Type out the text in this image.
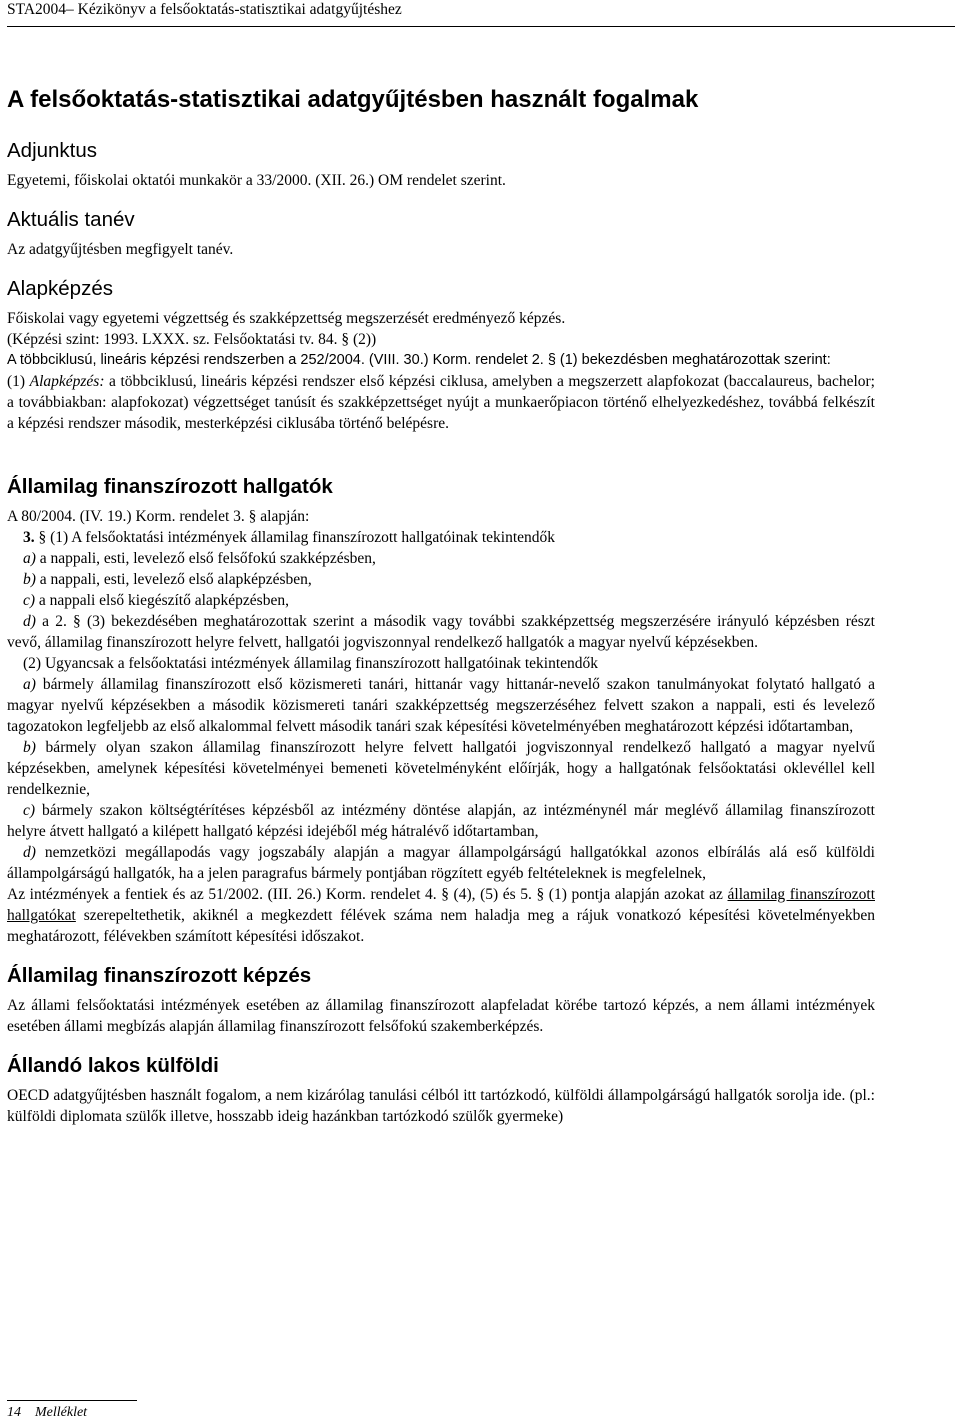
STA2004– Kézikönyv a felsőoktatás-statisztikai adatgyűjtéshez
A felsőoktatás-statisztikai adatgyűjtésben használt fogalmak
Adjunktus

Egyetemi, főiskolai oktatói munkakör a 33/2000. (XII. 26.) OM rendelet szerint.

Aktuális tanév

Az adatgyűjtésben megfigyelt tanév.

Alapképzés

Főiskolai vagy egyetemi végzettség és szakképzettség megszerzését eredményező képzés.

(Képzési szint: 1993. LXXX. sz. Felsőoktatási tv. 84. § (2))

A többciklusú, lineáris képzési rendszerben a 252/2004. (VIII. 30.) Korm. rendelet 2. § (1) bekezdésben meghatározottak szerint:

(1) Alapképzés: a többciklusú, lineáris képzési rendszer első képzési ciklusa, amelyben a megszerzett alapfokozat (baccalaureus, bachelor; a továbbiakban: alapfokozat) végzettséget tanúsít és szakképzettséget nyújt a munkaerőpiacon történő elhelyezkedéshez, továbbá felkészít a képzési rendszer második, mesterképzési ciklusába történő belépésre.

Államilag finanszírozott hallgatók

A 80/2004. (IV. 19.) Korm. rendelet 3. § alapján:

3. § (1) A felsőoktatási intézmények államilag finanszírozott hallgatóinak tekintendők

a) a nappali, esti, levelező első felsőfokú szakképzésben,

b) a nappali, esti, levelező első alapképzésben,

c) a nappali első kiegészítő alapképzésben,

d) a 2. § (3) bekezdésében meghatározottak szerint a második vagy további szakképzettség megszerzésére irányuló képzésben részt vevő, államilag finanszírozott helyre felvett, hallgatói jogviszonnyal rendelkező hallgatók a magyar nyelvű képzésekben.

(2) Ugyancsak a felsőoktatási intézmények államilag finanszírozott hallgatóinak tekintendők

a) bármely államilag finanszírozott első közismereti tanári, hittanár vagy hittanár-nevelő szakon tanulmányokat folytató hallgató a magyar nyelvű képzésekben a második közismereti tanári szakképzettség megszerzéséhez felvett szakon a nappali, esti és levelező tagozatokon legfeljebb az első alkalommal felvett második tanári szak képesítési követelményében meghatározott képzési időtartamban,

b) bármely olyan szakon államilag finanszírozott helyre felvett hallgatói jogviszonnyal rendelkező hallgató a magyar nyelvű képzésekben, amelynek képesítési követelményei bemeneti követelményként előírják, hogy a hallgatónak felsőoktatási oklevéllel kell rendelkeznie,

c) bármely szakon költségtérítéses képzésből az intézmény döntése alapján, az intézménynél már meglévő államilag finanszírozott helyre átvett hallgató a kilépett hallgató képzési idejéből még hátralévő időtartamban,

d) nemzetközi megállapodás vagy jogszabály alapján a magyar állampolgárságú hallgatókkal azonos elbírálás alá eső külföldi állampolgárságú hallgatók, ha a jelen paragrafus bármely pontjában rögzített egyéb feltételeknek is megfelelnek,

Az intézmények a fentiek és az 51/2002. (III. 26.) Korm. rendelet 4. § (4), (5) és 5. § (1) pontja alapján azokat az államilag finanszírozott hallgatókat szerepeltethetik, akiknél a megkezdett félévek száma nem haladja meg a rájuk vonatkozó képesítési követelményekben meghatározott, félévekben számított képesítési időszakot.

Államilag finanszírozott képzés

Az állami felsőoktatási intézmények esetében az államilag finanszírozott alapfeladat körébe tartozó képzés, a nem állami intézmények esetében állami megbízás alapján államilag finanszírozott felsőfokú szakemberképzés.

Állandó lakos külföldi

OECD adatgyűjtésben használt fogalom, a nem kizárólag tanulási célból itt tartózkodó, külföldi állampolgárságú hallgatók sorolja ide. (pl.: külföldi diplomata szülők illetve, hosszabb ideig hazánkban tartózkodó szülők gyermeke)

14    Melléklet
